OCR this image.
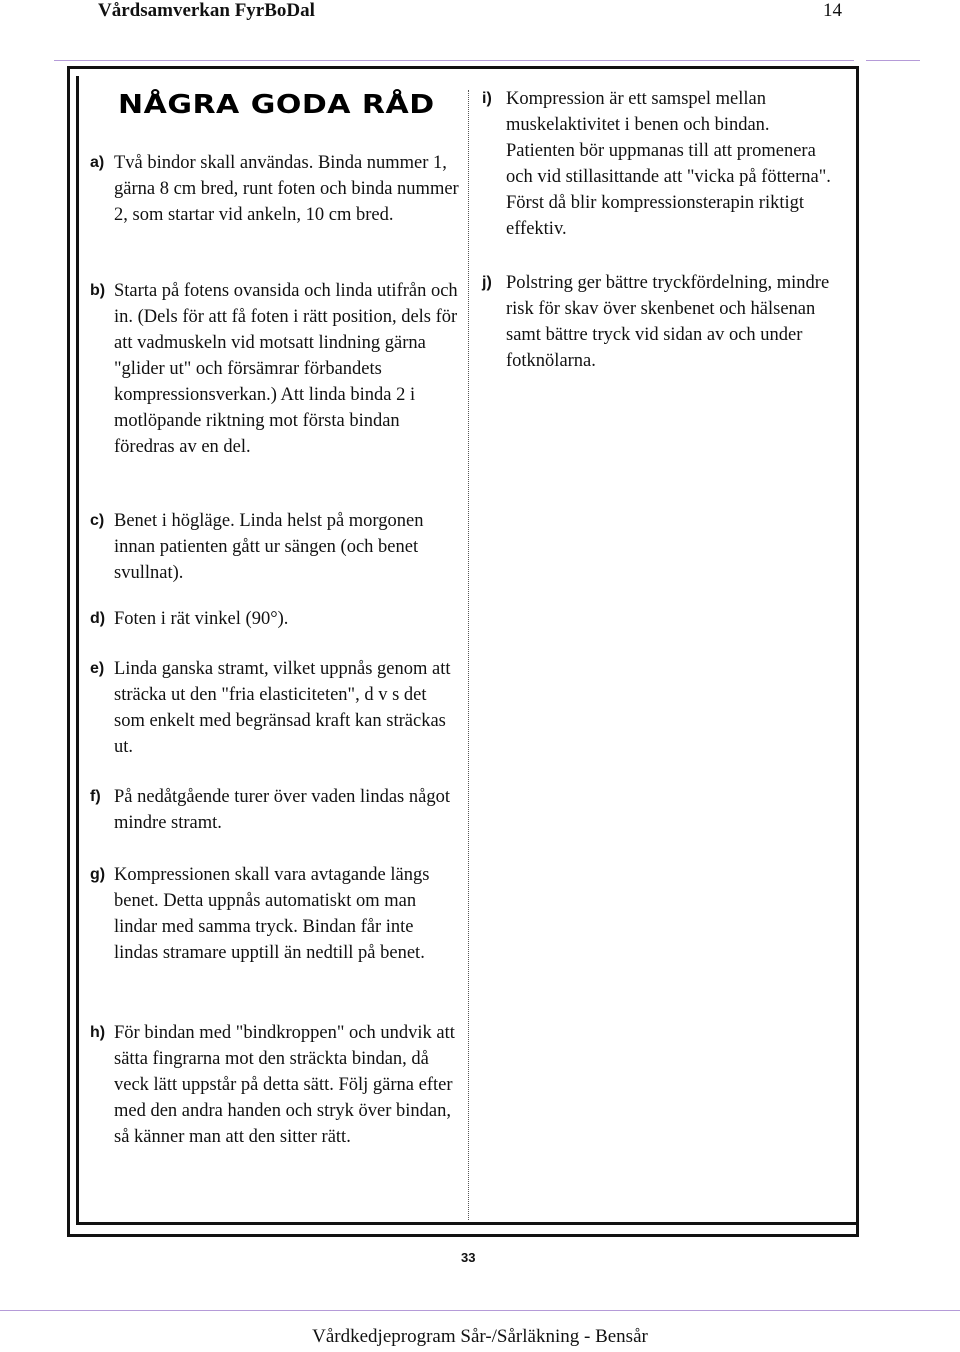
Vårdsamverkan FyrBoDal	14
NÅGRA GODA RÅD
a) Två bindor skall användas. Binda nummer 1, gärna 8 cm bred, runt foten och binda nummer 2, som startar vid ankeln, 10 cm bred.
b) Starta på fotens ovansida och linda utifrån och in. (Dels för att få foten i rätt position, dels för att vadmuskeln vid motsatt lindning gärna "glider ut" och försämrar förbandets kompressionsverkan.) Att linda binda 2 i motlöpande riktning mot första bindan föredras av en del.
c) Benet i högläge. Linda helst på morgonen innan patienten gått ur sängen (och benet svullnat).
d) Foten i rät vinkel (90°).
e) Linda ganska stramt, vilket uppnås genom att sträcka ut den "fria elasticiteten", d v s det som enkelt med begränsad kraft kan sträckas ut.
f) På nedåtgående turer över vaden lindas något mindre stramt.
g) Kompressionen skall vara avtagande längs benet. Detta uppnås automatiskt om man lindar med samma tryck. Bindan får inte lindas stramare upptill än nedtill på benet.
h) För bindan med "bindkroppen" och undvik att sätta fingrarna mot den sträckta bindan, då veck lätt uppstår på detta sätt. Följ gärna efter med den andra handen och stryk över bindan, så känner man att den sitter rätt.
i) Kompression är ett samspel mellan muskelaktivitet i benen och bindan. Patienten bör uppmanas till att promenera och vid stillasittande att "vicka på fötterna". Först då blir kompressionsterapin riktigt effektiv.
j) Polstring ger bättre tryckfördelning, mindre risk för skav över skenbenet och hälsenan samt bättre tryck vid sidan av och under fotknölarna.
33
Vårdkedjeprogram Sår-/Sårläkning - Bensår
